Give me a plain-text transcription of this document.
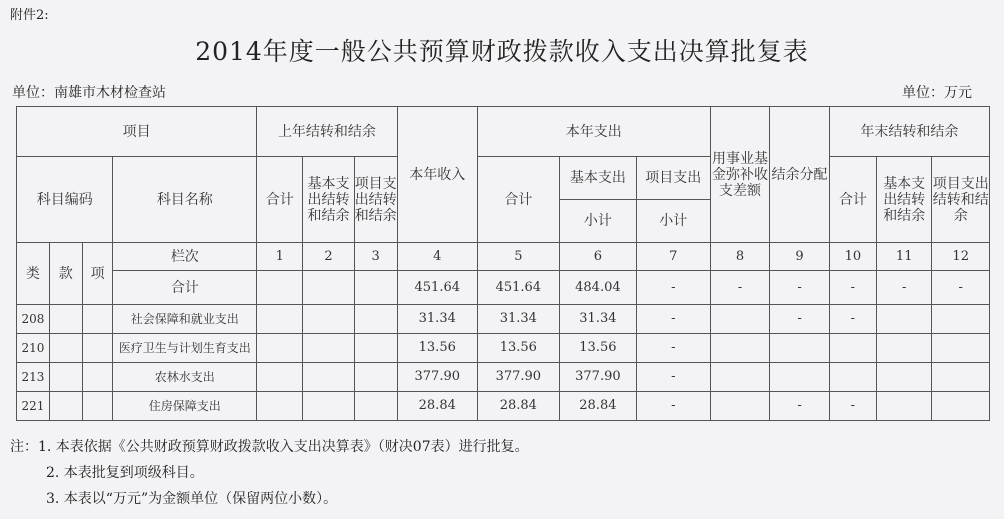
附件2:
2014年度一般公共预算财政拨款收入支出决算批复表
单位：南雄市木材检查站	单位：万元
项目				上年结转和结余			本年收入	本年支出			用事业基金弥补收支差额	结余分配	年末结转和结余		
科目编码			科目名称	合计	基本支出结转和结余	项目支出结转和结余		合计	基本支出	项目支出			合计	基本支出结转和结余	项目支出结转和结余
									小计	小计					
类	款	项	栏次	1	2	3	4	5	6	7	8	9	10	11	12
			合计				451.64	451.64	484.04	-	-	-	-	-	-
208			社会保障和就业支出				31.34	31.34	31.34	-		-	-		
210			医疗卫生与计划生育支出				13.56	13.56	13.56	-					
213			农林水支出				377.90	377.90	377.90	-					
221			住房保障支出				28.84	28.84	28.84	-		-	-		
注：1. 本表依据《公共财政预算财政拨款收入支出决算表》（财决07表）进行批复。
2. 本表批复到项级科目。
3. 本表以“万元”为金额单位（保留两位小数）。
